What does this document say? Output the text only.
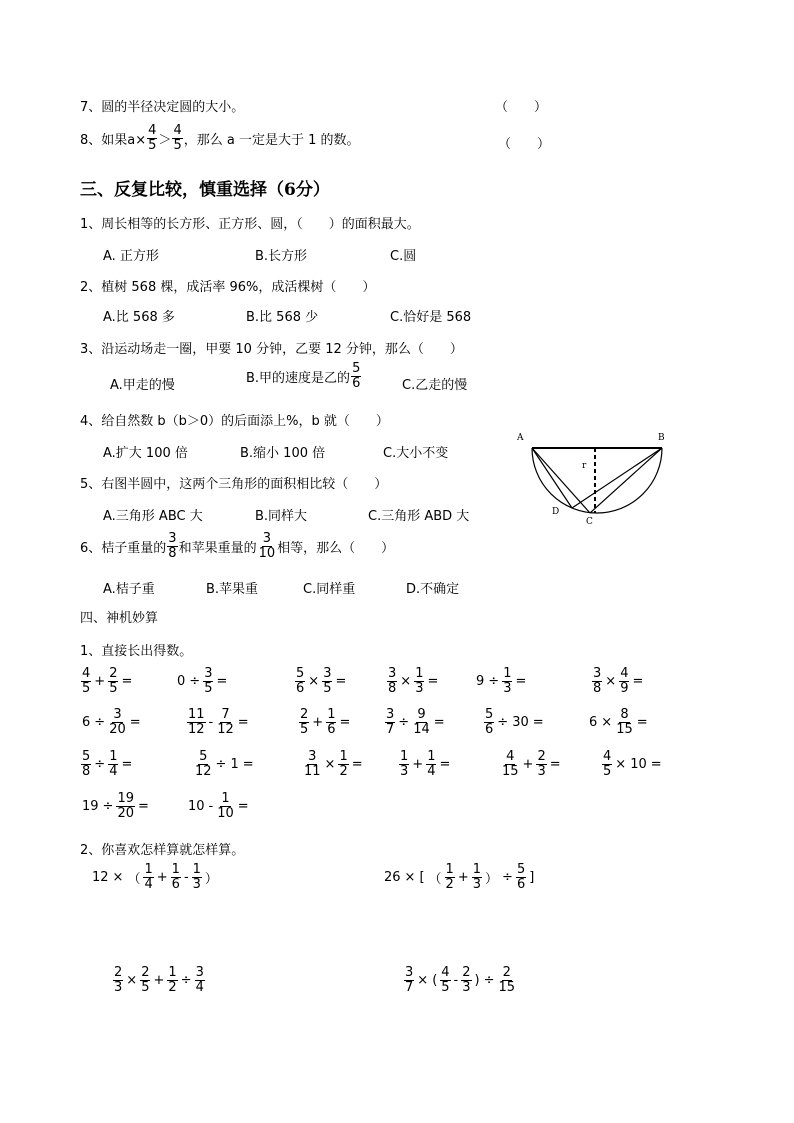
7、圆的半径决定圆的大小。	（　　）
8、如果$a\times \frac{4}{5} > \frac{4}{5}$ ，那么 a 一定是大于 1 的数。	（　　）
三、反复比较，慎重选择（6分）
1、周长相等的长方形、正方形、圆，（　　）的面积最大。
A. 正方形	B.长方形	C.圆
2、植树 568 棵，成活率 96%，成活棵树（　　）
A.比 568 多	B.比 568 少	C.恰好是 568
3、沿运动场走一圈，甲要 10 分钟，乙要 12 分钟，那么（　　）
A.甲走的慢	B.甲的速度是乙的 $\frac{5}{6}$	C.乙走的慢
4、给自然数 b（b＞0）的后面添上%，b 就（　　）
A.扩大 100 倍	B.缩小 100 倍	C.大小不变
5、右图半圆中，这两个三角形的面积相比较（　　）
A.三角形 ABC 大	B.同样大	C.三角形 ABD 大
6、桔子重量的 $\frac{3}{8}$ 和苹果重量的 $\frac{3}{10}$ 相等，那么（　　）
A.桔子重	B.苹果重	C.同样重	D.不确定
A	B
D
C
r
四、神机妙算
1、直接长出得数。
$\frac{4}{5} + \frac{2}{5}$ =	$0 \div \frac{3}{5}$ =	$\frac{5}{6} \times \frac{3}{5}$ =	$\frac{3}{8} \times \frac{1}{3}$ =	$9 \div \frac{1}{3}$ =	$\frac{3}{8} \times \frac{4}{9}$ =
$6 \div \frac{3}{20}$ =	$\frac{11}{12} - \frac{7}{12}$ =	$\frac{2}{5} + \frac{1}{6}$ =	$\frac{3}{7} \div \frac{9}{14}$ =	$\frac{5}{6} \div 30$ =	$6 \times \frac{8}{15}$ =
$\frac{5}{8} \div \frac{1}{4}$ =	$\frac{5}{12} \div 1$ =	$\frac{3}{11} \times \frac{1}{2}$ =	$\frac{1}{3} + \frac{1}{4}$ =	$\frac{4}{15} + \frac{2}{3}$ =	$\frac{4}{5} \times 10$ =
$19 \div \frac{19}{20}$ =	$10 - \frac{1}{10}$ =
12 × （ $\frac{1}{4} + \frac{1}{6} - \frac{1}{3}$ ）	26 × [ （ $\frac{1}{2} + \frac{1}{3}$ ） ÷ $\frac{5}{6}$ ]
$\frac{2}{3} \times \frac{2}{5} + \frac{1}{2} \div \frac{3}{4}$	$\frac{3}{7}$ × ( $\frac{4}{5} - \frac{2}{3}$ ) ÷ $\frac{2}{15}$
2、你喜欢怎样算就怎样算。
